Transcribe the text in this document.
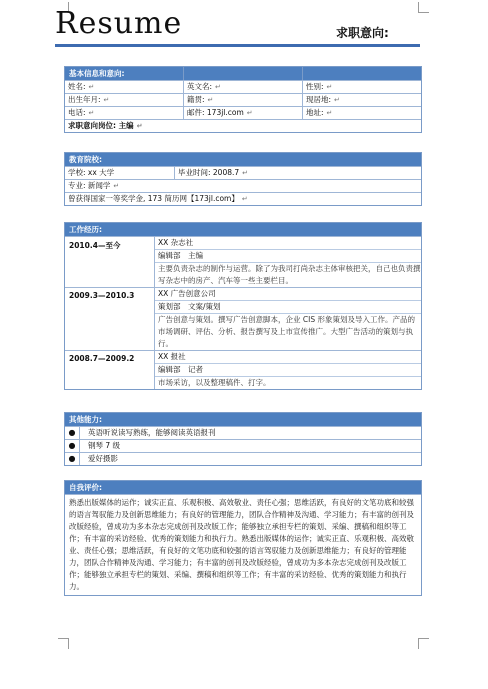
Resume	求职意向:
基本信息和意向:
姓名: ↵	英文名: ↵	性别: ↵
出生年月: ↵	籍贯: ↵	现居地: ↵
电话: ↵	邮件: 173jl.com ↵	地址: ↵
求职意向岗位: 主编 ↵
教育院校:
学校: xx 大学	毕业时间: 2008.7 ↵
专业: 新闻学 ↵
曾获得国家一等奖学金, 173 简历网【173jl.com】 ↵
工作经历:
2010.4—至今	XX 杂志社
编辑部　主编
主要负责杂志的制作与运营。除了为我司打尚杂志主体审核把关，自己也负责撰写杂志中的房产、汽车等一些主要栏目。
2009.3—2010.3	XX 广告创意公司
策划部　文案/策划
广告创意与策划。撰写广告创意脚本，企业 CIS 形象策划及导入工作。产品的市场调研、评估、分析、报告撰写及上市宣传推广。大型广告活动的策划与执行。
2008.7—2009.2	XX 报社
编辑部　记者
市场采访，以及整理稿件、打字。
其他能力:
●	英语听说读写熟练，能够阅读英语报刊
●	钢琴 7 级
●	爱好摄影
自我评价:
熟悉出版媒体的运作；诚实正直、乐观积极、高效敬业、责任心强；思维活跃，有良好的文笔功底和较强的语言驾驭能力及创新思维能力；有良好的管理能力，团队合作精神及沟通、学习能力；有丰富的创刊及改版经验，曾成功为多本杂志完成创刊及改版工作；能够独立承担专栏的策划、采编、撰稿和组织等工作；有丰富的采访经验、优秀的策划能力和执行力。熟悉出版媒体的运作；诚实正直、乐观积极、高效敬业、责任心强；思维活跃，有良好的文笔功底和较强的语言驾驭能力及创新思维能力；有良好的管理能力，团队合作精神及沟通、学习能力；有丰富的创刊及改版经验，曾成功为多本杂志完成创刊及改版工作；能够独立承担专栏的策划、采编、撰稿和组织等工作；有丰富的采访经验、优秀的策划能力和执行力。
